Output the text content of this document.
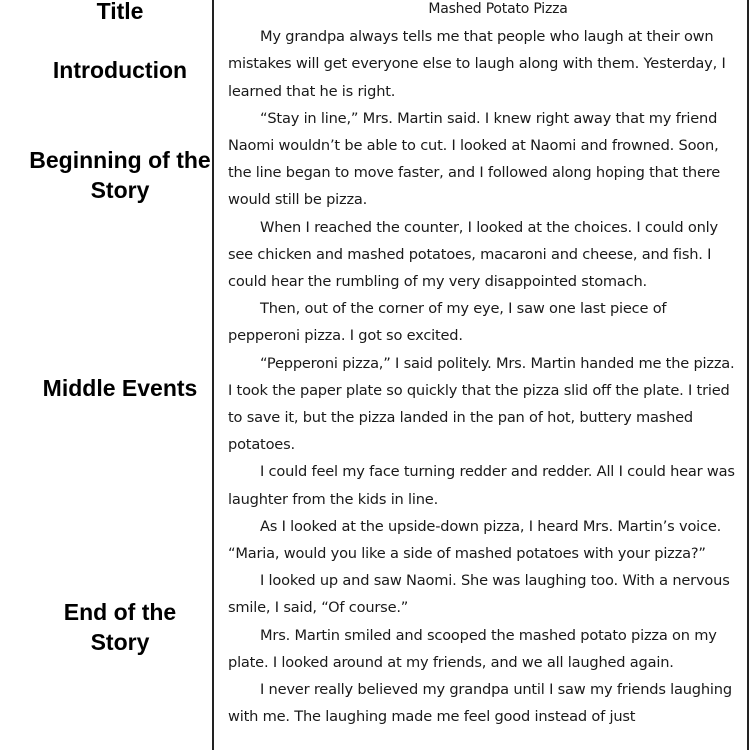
Title
Introduction
Beginning of the Story
Middle Events
End of the Story
Mashed Potato Pizza

My grandpa always tells me that people who laugh at their own mistakes will get everyone else to laugh along with them. Yesterday, I learned that he is right.

“Stay in line,” Mrs. Martin said. I knew right away that my friend Naomi wouldn’t be able to cut. I looked at Naomi and frowned. Soon, the line began to move faster, and I followed along hoping that there would still be pizza.

When I reached the counter, I looked at the choices. I could only see chicken and mashed potatoes, macaroni and cheese, and fish. I could hear the rumbling of my very disappointed stomach.

Then, out of the corner of my eye, I saw one last piece of pepperoni pizza. I got so excited.

“Pepperoni pizza,” I said politely. Mrs. Martin handed me the pizza. I took the paper plate so quickly that the pizza slid off the plate. I tried to save it, but the pizza landed in the pan of hot, buttery mashed potatoes.

I could feel my face turning redder and redder. All I could hear was laughter from the kids in line.

As I looked at the upside-down pizza, I heard Mrs. Martin’s voice. “Maria, would you like a side of mashed potatoes with your pizza?”

I looked up and saw Naomi. She was laughing too. With a nervous smile, I said, “Of course.”

Mrs. Martin smiled and scooped the mashed potato pizza on my plate. I looked around at my friends, and we all laughed again.

I never really believed my grandpa until I saw my friends laughing with me. The laughing made me feel good instead of just
